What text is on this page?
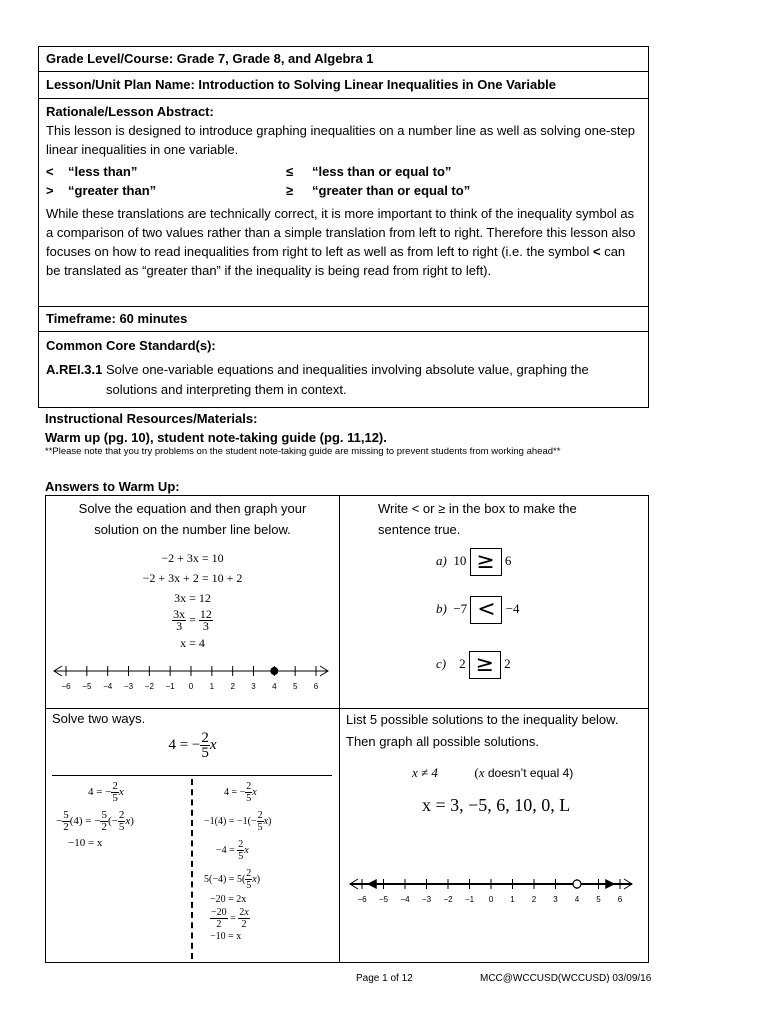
Grade Level/Course: Grade 7, Grade 8, and Algebra 1
Lesson/Unit Plan Name: Introduction to Solving Linear Inequalities in One Variable

Rationale/Lesson Abstract:

This lesson is designed to introduce graphing inequalities on a number line as well as solving one-step linear inequalities in one variable.

< “less than”	≤ “less than or equal to”
> “greater than”	≥ “greater than or equal to”

While these translations are technically correct, it is more important to think of the inequality symbol as a comparison of two values rather than a simple translation from left to right. Therefore this lesson also focuses on how to read inequalities from right to left as well as from left to right (i.e. the symbol < can be translated as “greater than” if the inequality is being read from right to left).

Timeframe: 60 minutes

Common Core Standard(s):

A.REI.3.1 Solve one-variable equations and inequalities involving absolute value, graphing the solutions and interpreting them in context.

Instructional Resources/Materials:

Warm up (pg. 10), student note-taking guide (pg. 11,12).

**Please note that you try problems on the student note-taking guide are missing to prevent students from working ahead**

Answers to Warm Up:

Solve the equation and then graph your solution on the number line below.

−2 + 3x = 10
−2 + 3x + 2 = 10 + 2
3x = 12
$\frac{3x}{3} = \frac{12}{3}$
x = 4
−6 −5 −4 −3 −2 −1 0 1 2 3 4 5 6

Write < or ≥ in the box to make the sentence true.

a) 10 ≥ 6
b) −7 < −4
c) 2 ≥ 2

Solve two ways.

4 = − $\frac{2}{5}$ x
4 = − $\frac{2}{5}$ x
− $\frac{5}{2} (4)$ = − $\frac{5}{2}$ (− $\frac{2}{5} x$)
−10 = x
4 = − $\frac{2}{5}$ x
$-1(4) = -1(- \frac{2}{5} x)$
$-4 = \frac{2}{5}$ x
$5(-4) = 5( \frac{2}{5} x)$
−20 = 2x
$\frac{-20}{2} = \frac{2x}{2}$
−10 = x

List 5 possible solutions to the inequality below. Then graph all possible solutions.

x ≠ 4	(x doesn’t equal 4)
x = 3, −5, 6, 10, 0, L
−6 −5 −4 −3 −2 −1 0 1 2 3 4 5 6
Page 1 of 12	MCC@WCCUSD(WCCUSD) 03/09/16
